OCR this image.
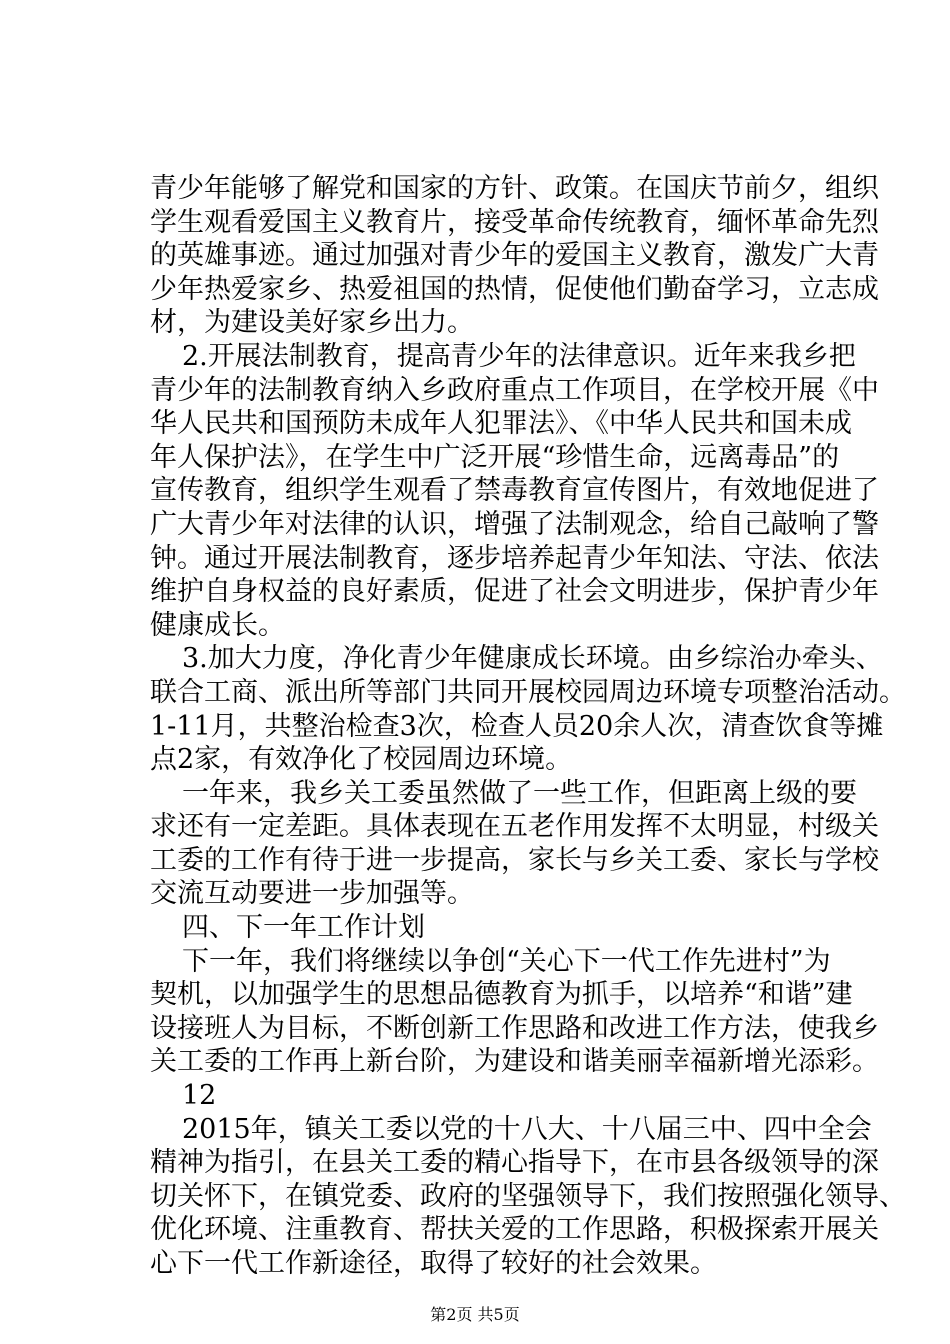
青少年能够了解党和国家的方针、政策。在国庆节前夕，组织
学生观看爱国主义教育片，接受革命传统教育，缅怀革命先烈
的英雄事迹。通过加强对青少年的爱国主义教育，激发广大青
少年热爱家乡、热爱祖国的热情，促使他们勤奋学习，立志成
材，为建设美好家乡出力。
2.开展法制教育，提高青少年的法律意识。近年来我乡把
青少年的法制教育纳入乡政府重点工作项目，在学校开展《中
华人民共和国预防未成年人犯罪法》、《中华人民共和国未成
年人保护法》，在学生中广泛开展“珍惜生命，远离毒品”的
宣传教育，组织学生观看了禁毒教育宣传图片，有效地促进了
广大青少年对法律的认识，增强了法制观念，给自己敲响了警
钟。通过开展法制教育，逐步培养起青少年知法、守法、依法
维护自身权益的良好素质，促进了社会文明进步，保护青少年
健康成长。
3.加大力度，净化青少年健康成长环境。由乡综治办牵头、
联合工商、派出所等部门共同开展校园周边环境专项整治活动。
1-11月，共整治检查3次，检查人员20余人次，清查饮食等摊
点2家，有效净化了校园周边环境。
一年来，我乡关工委虽然做了一些工作，但距离上级的要
求还有一定差距。具体表现在五老作用发挥不太明显，村级关
工委的工作有待于进一步提高，家长与乡关工委、家长与学校
交流互动要进一步加强等。
四、下一年工作计划
下一年，我们将继续以争创“关心下一代工作先进村”为
契机，以加强学生的思想品德教育为抓手，以培养“和谐”建
设接班人为目标，不断创新工作思路和改进工作方法，使我乡
关工委的工作再上新台阶，为建设和谐美丽幸福新增光添彩。
12
2015年，镇关工委以党的十八大、十八届三中、四中全会
精神为指引，在县关工委的精心指导下，在市县各级领导的深
切关怀下，在镇党委、政府的坚强领导下，我们按照强化领导、
优化环境、注重教育、帮扶关爱的工作思路，积极探索开展关
心下一代工作新途径，取得了较好的社会效果。
第2页 共5页
